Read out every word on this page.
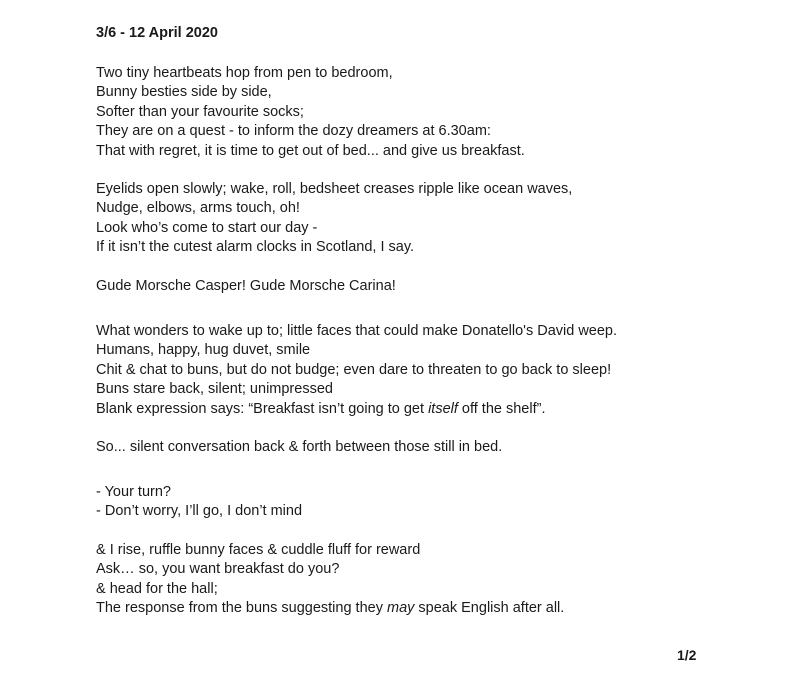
3/6 - 12 April 2020
Two tiny heartbeats hop from pen to bedroom,
Bunny besties side by side,
Softer than your favourite socks;
They are on a quest - to inform the dozy dreamers at 6.30am:
That with regret, it is time to get out of bed... and give us breakfast.
Eyelids open slowly; wake, roll, bedsheet creases ripple like ocean waves,
Nudge, elbows, arms touch, oh!
Look who’s come to start our day -
If it isn’t the cutest alarm clocks in Scotland, I say.
Gude Morsche Casper! Gude Morsche Carina!
What wonders to wake up to; little faces that could make Donatello's David weep.
Humans, happy, hug duvet, smile
Chit & chat to buns, but do not budge; even dare to threaten to go back to sleep!
Buns stare back, silent; unimpressed
Blank expression says: “Breakfast isn’t going to get itself off the shelf”.
So... silent conversation back & forth between those still in bed.
- Your turn?
- Don’t worry, I’ll go, I don’t mind
& I rise, ruffle bunny faces & cuddle fluff for reward
Ask… so, you want breakfast do you?
& head for the hall;
The response from the buns suggesting they may speak English after all.
1/2
